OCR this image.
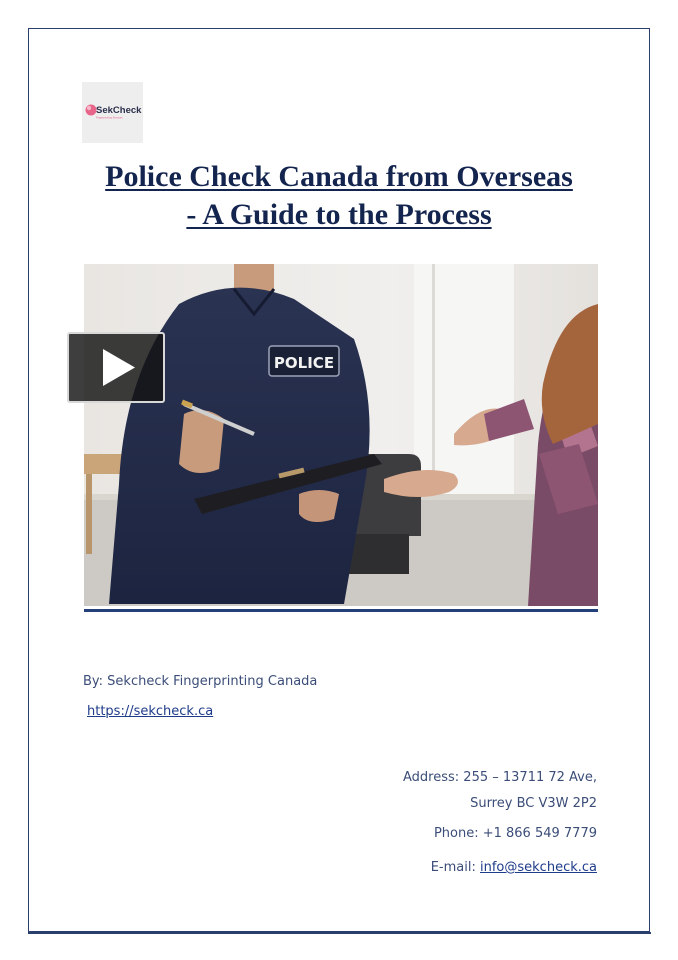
SekCheck
Fingerprinting Services
Police Check Canada from Overseas
- A Guide to the Process
POLICE
By: Sekcheck Fingerprinting Canada
https://sekcheck.ca
Address: 255 – 13711 72 Ave,
Surrey BC V3W 2P2
Phone: +1 866 549 7779
E-mail: info@sekcheck.ca
